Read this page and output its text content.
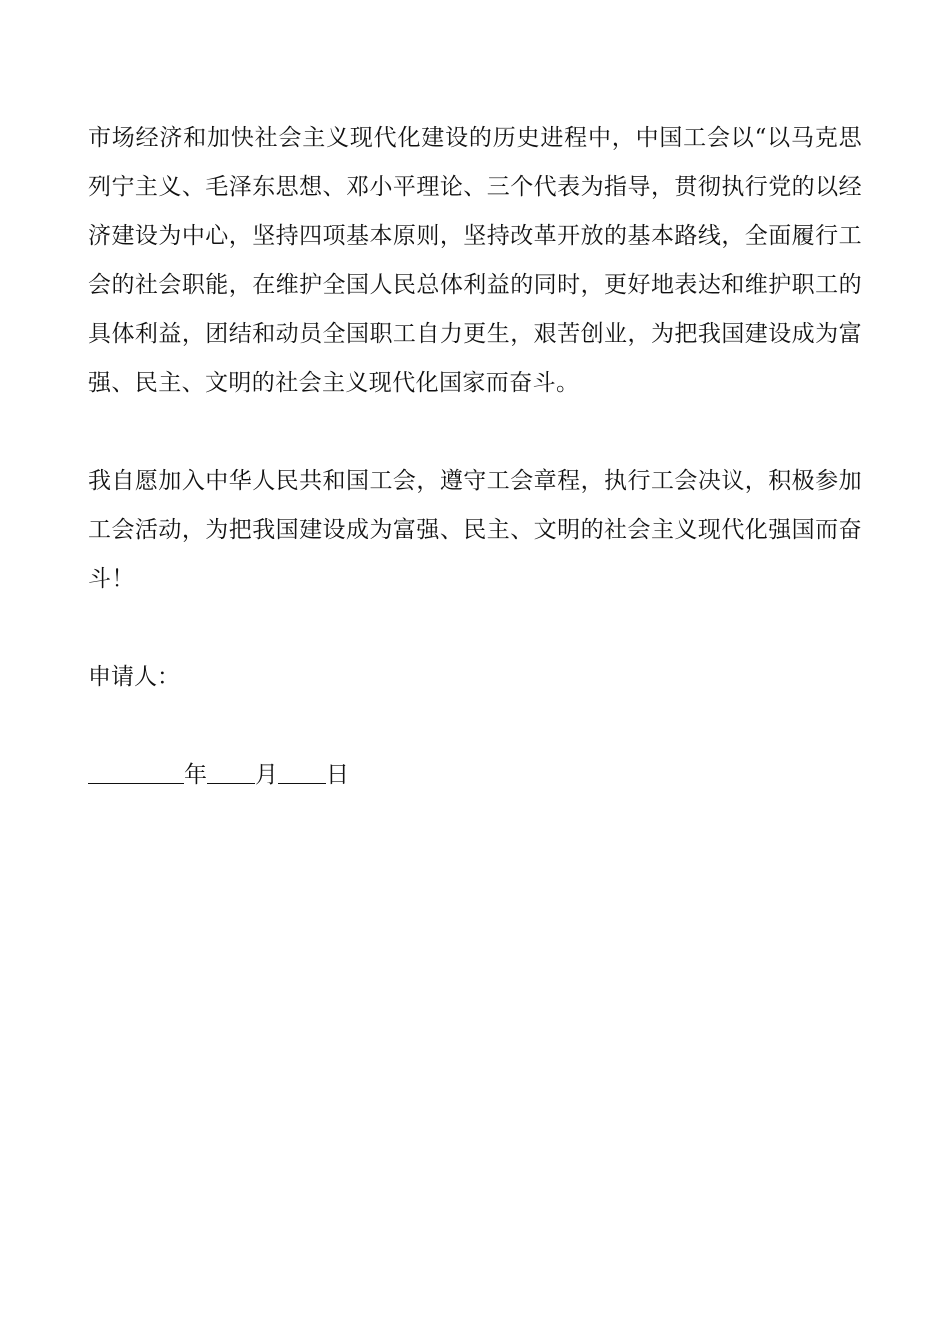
市场经济和加快社会主义现代化建设的历史进程中，中国工会以“以马克思列宁主义、毛泽东思想、邓小平理论、三个代表为指导，贯彻执行党的以经济建设为中心，坚持四项基本原则，坚持改革开放的基本路线，全面履行工会的社会职能，在维护全国人民总体利益的同时，更好地表达和维护职工的具体利益，团结和动员全国职工自力更生，艰苦创业，为把我国建设成为富强、民主、文明的社会主义现代化国家而奋斗。

我自愿加入中华人民共和国工会，遵守工会章程，执行工会决议，积极参加工会活动，为把我国建设成为富强、民主、文明的社会主义现代化强国而奋斗！

申请人：

年 月 日
